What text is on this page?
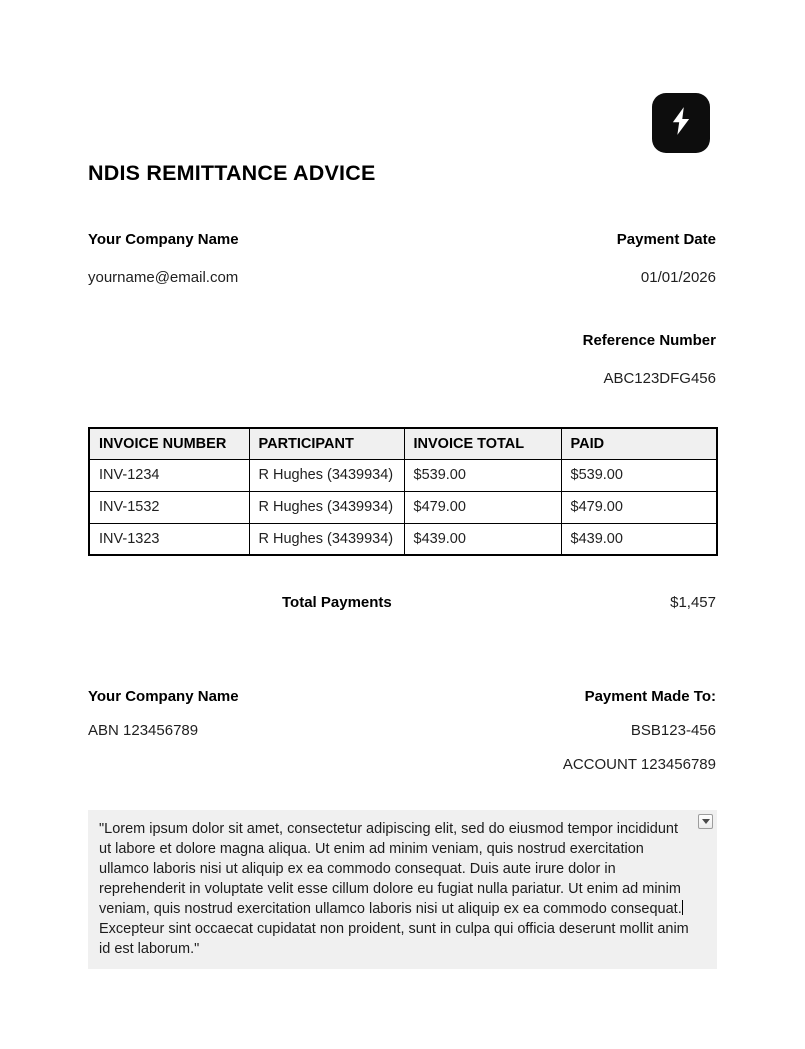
NDIS REMITTANCE ADVICE
Your Company Name	Payment Date
yourname@email.com	01/01/2026
Reference Number
ABC123DFG456
INVOICE NUMBER	PARTICIPANT	INVOICE TOTAL	PAID
INV-1234	R Hughes (3439934)	$539.00	$539.00
INV-1532	R Hughes (3439934)	$479.00	$479.00
INV-1323	R Hughes (3439934)	$439.00	$439.00
Total Payments	$1,457
Your Company Name	Payment Made To:
ABN 123456789	BSB123-456
ACCOUNT 123456789
"Lorem ipsum dolor sit amet, consectetur adipiscing elit, sed do eiusmod tempor incididunt ut labore et dolore magna aliqua. Ut enim ad minim veniam, quis nostrud exercitation ullamco laboris nisi ut aliquip ex ea commodo consequat. Duis aute irure dolor in reprehenderit in voluptate velit esse cillum dolore eu fugiat nulla pariatur. Ut enim ad minim veniam, quis nostrud exercitation ullamco laboris nisi ut aliquip ex ea commodo consequat.Excepteur sint occaecat cupidatat non proident, sunt in culpa qui officia deserunt mollit anim id est laborum."
